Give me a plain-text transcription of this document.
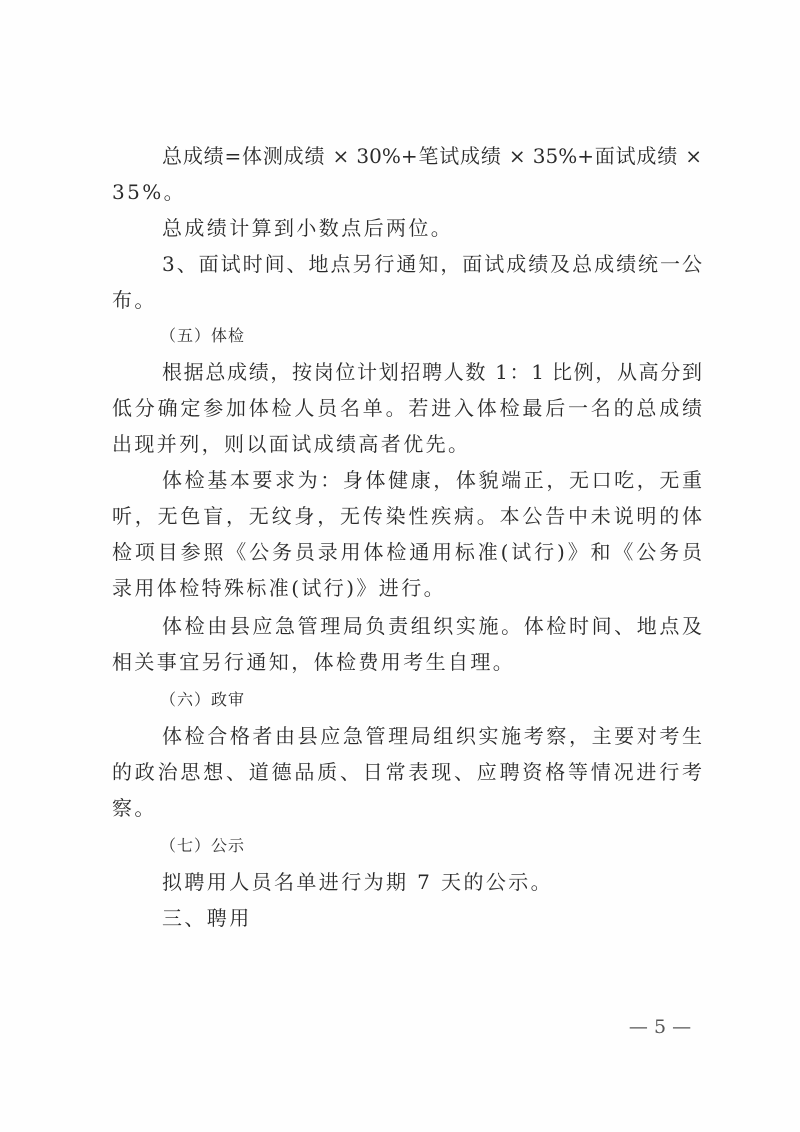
总成绩=体测成绩 × 30%+笔试成绩 × 35%+面试成绩 ×
35%。
总成绩计算到小数点后两位。
3、面试时间、地点另行通知，面试成绩及总成绩统一公
布。
（五）体检
根据总成绩，按岗位计划招聘人数 1：1 比例，从高分到
低分确定参加体检人员名单。若进入体检最后一名的总成绩
出现并列，则以面试成绩高者优先。
体检基本要求为：身体健康，体貌端正，无口吃，无重
听，无色盲，无纹身，无传染性疾病。本公告中未说明的体
检项目参照《公务员录用体检通用标准(试行)》和《公务员
录用体检特殊标准(试行)》进行。
体检由县应急管理局负责组织实施。体检时间、地点及
相关事宜另行通知，体检费用考生自理。
（六）政审
体检合格者由县应急管理局组织实施考察，主要对考生
的政治思想、道德品质、日常表现、应聘资格等情况进行考
察。
（七）公示
拟聘用人员名单进行为期 7 天的公示。
三、聘用
— 5 —
